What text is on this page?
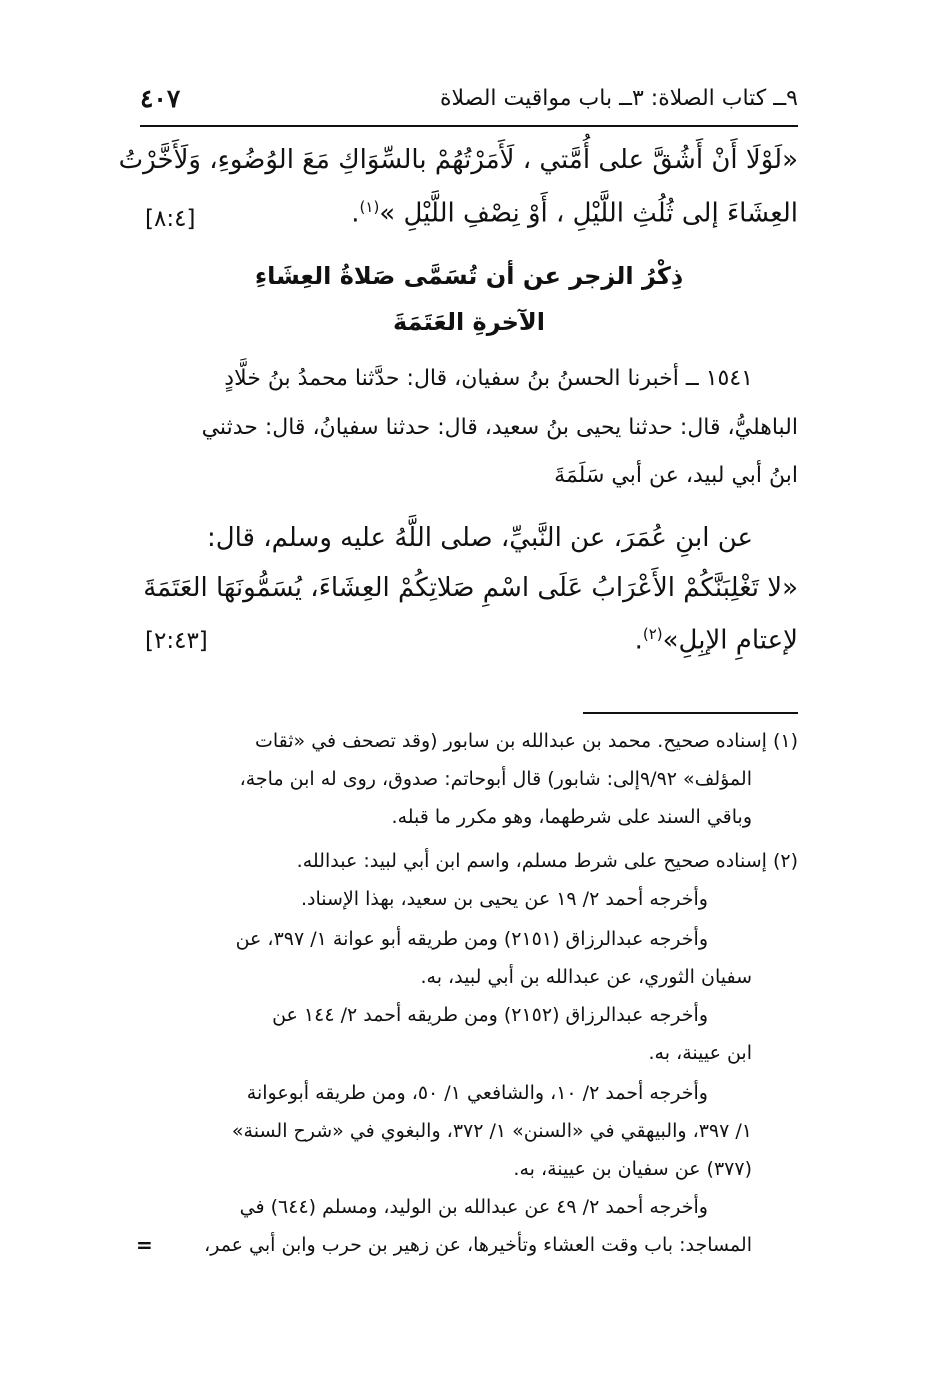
٩ــ كتاب الصلاة: ٣ــ باب مواقيت الصلاة
٤٠٧
«لَوْلَا أَنْ أَشُقَّ على أُمَّتي ، لَأَمَرْتُهُمْ بالسِّوَاكِ مَعَ الوُضُوءِ، وَلَأَخَّرْتُ
العِشَاءَ إلى ثُلُثِ اللَّيْلِ ، أَوْ نِصْفِ اللَّيْلِ »$^{(١)}$.
[٨:٤]
ذِكْرُ الزجر عن أن تُسَمَّى صَلاةُ العِشَاءِ
الآخرةِ العَتَمَةَ
١٥٤١ ــ أخبرنا الحسنُ بنُ سفيان، قال: حدَّثنا محمدُ بنُ خلَّادٍ
الباهليُّ، قال: حدثنا يحيى بنُ سعيد، قال: حدثنا سفيانُ، قال: حدثني
ابنُ أبي لبيد، عن أبي سَلَمَةَ
عن ابنِ عُمَرَ، عن النَّبيِّ، صلى اللَّهُ عليه وسلم، قال:
«لا تَغْلِبَنَّكُمْ الأَعْرَابُ عَلَى اسْمِ صَلاتِكُمْ العِشَاءَ، يُسَمُّونَهَا العَتَمَةَ
لإعتامِ الإبِلِ»$^{(٢)}$.
[٢:٤٣]
(١) إسناده صحيح. محمد بن عبدالله بن سابور (وقد تصحف في «ثقات
المؤلف» ٩/٩٢إلى: شابور) قال أبوحاتم: صدوق، روى له ابن ماجة،
وباقي السند على شرطهما، وهو مكرر ما قبله.
(٢) إسناده صحيح على شرط مسلم، واسم ابن أبي لبيد: عبدالله.
وأخرجه أحمد ٢/ ١٩ عن يحيى بن سعيد، بهذا الإسناد.
وأخرجه عبدالرزاق (٢١٥١) ومن طريقه أبو عوانة ١/ ٣٩٧، عن
سفيان الثوري، عن عبدالله بن أبي لبيد، به.
وأخرجه عبدالرزاق (٢١٥٢) ومن طريقه أحمد ٢/ ١٤٤ عن
ابن عيينة، به.
وأخرجه أحمد ٢/ ١٠، والشافعي ١/ ٥٠، ومن طريقه أبوعوانة
١/ ٣٩٧، والبيهقي في «السنن» ١/ ٣٧٢، والبغوي في «شرح السنة»
(٣٧٧) عن سفيان بن عيينة، به.
وأخرجه أحمد ٢/ ٤٩ عن عبدالله بن الوليد، ومسلم (٦٤٤) في
المساجد: باب وقت العشاء وتأخيرها، عن زهير بن حرب وابن أبي عمر،
=
